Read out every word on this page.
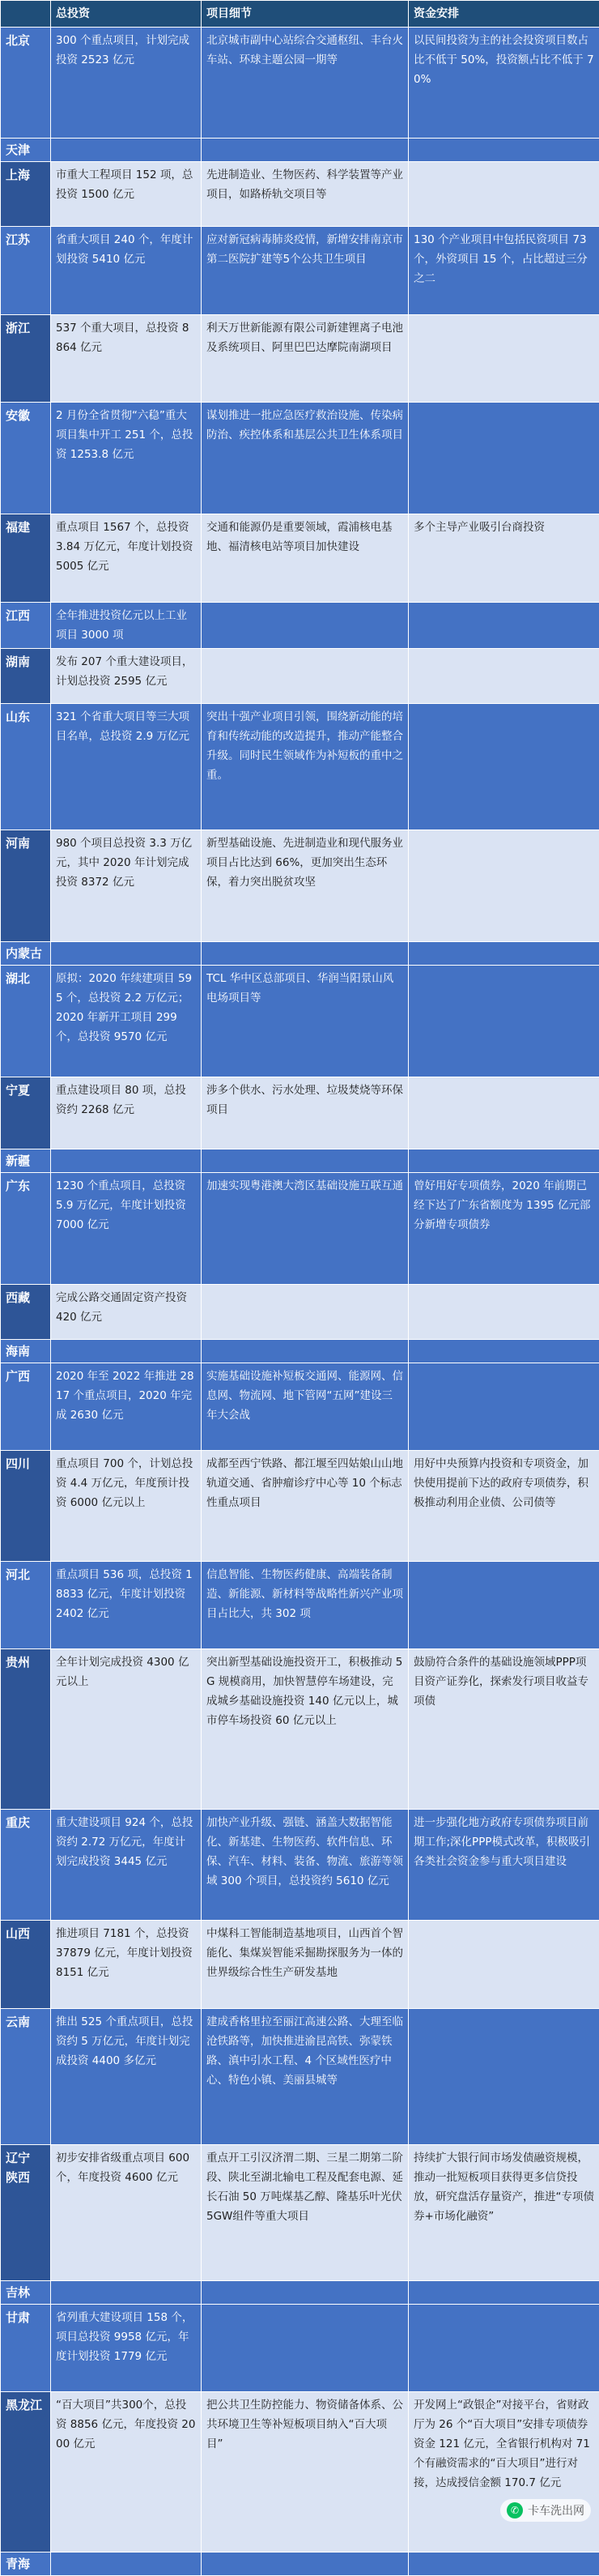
	总投资	项目细节	资金安排
北京	300 个重点项目，计划完成投资 2523 亿元	北京城市副中心站综合交通枢纽、丰台火车站、环球主题公园一期等	以民间投资为主的社会投资项目数占比不低于 50%，投资额占比不低于 70%
天津			
上海	市重大工程项目 152 项，总投资 1500 亿元	先进制造业、生物医药、科学装置等产业项目，如路桥轨交项目等	
江苏	省重大项目 240 个，年度计划投资 5410 亿元	应对新冠病毒肺炎疫情，新增安排南京市第二医院扩建等5个公共卫生项目	130 个产业项目中包括民资项目 73 个，外资项目 15 个，占比超过三分之二
浙江	537 个重大项目，总投资 8864 亿元	利天万世新能源有限公司新建锂离子电池及系统项目、阿里巴巴达摩院南湖项目	
安徽	2 月份全省贯彻“六稳”重大项目集中开工 251 个，总投资 1253.8 亿元	谋划推进一批应急医疗救治设施、传染病防治、疾控体系和基层公共卫生体系项目	
福建	重点项目 1567 个，总投资 3.84 万亿元，年度计划投资 5005 亿元	交通和能源仍是重要领域，霞浦核电基地、福清核电站等项目加快建设	多个主导产业吸引台商投资
江西	全年推进投资亿元以上工业项目 3000 项		
湖南	发布 207 个重大建设项目，计划总投资 2595 亿元		
山东	321 个省重大项目等三大项目名单，总投资 2.9 万亿元	突出十强产业项目引领，围绕新动能的培育和传统动能的改造提升，推动产能整合升级。同时民生领域作为补短板的重中之重。	
河南	980 个项目总投资 3.3 万亿元，其中 2020 年计划完成投资 8372 亿元	新型基础设施、先进制造业和现代服务业项目占比达到 66%，更加突出生态环保，着力突出脱贫攻坚	
内蒙古			
湖北	原拟：2020 年续建项目 595 个，总投资 2.2 万亿元；2020 年新开工项目 299 个，总投资 9570 亿元	TCL 华中区总部项目、华润当阳景山风电场项目等	
宁夏	重点建设项目 80 项，总投资约 2268 亿元	涉多个供水、污水处理、垃圾焚烧等环保项目	
新疆			
广东	1230 个重点项目，总投资 5.9 万亿元，年度计划投资 7000 亿元	加速实现粤港澳大湾区基础设施互联互通	曾好用好专项债券，2020 年前期已经下达了广东省额度为 1395 亿元部分新增专项债券
西藏	完成公路交通固定资产投资 420 亿元		
海南			
广西	2020 年至 2022 年推进 2817 个重点项目，2020 年完成 2630 亿元	实施基础设施补短板交通网、能源网、信息网、物流网、地下管网“五网”建设三年大会战	
四川	重点项目 700 个，计划总投资 4.4 万亿元，年度预计投资 6000 亿元以上	成都至西宁铁路、都江堰至四姑娘山山地轨道交通、省肿瘤诊疗中心等 10 个标志性重点项目	用好中央预算内投资和专项资金，加快使用提前下达的政府专项债券，积极推动利用企业债、公司债等
河北	重点项目 536 项，总投资 18833 亿元，年度计划投资 2402 亿元	信息智能、生物医药健康、高端装备制造、新能源、新材料等战略性新兴产业项目占比大，共 302 项	
贵州	全年计划完成投资 4300 亿元以上	突出新型基础设施投资开工，积极推动 5G 规模商用，加快智慧停车场建设，完成城乡基础设施投资 140 亿元以上，城市停车场投资 60 亿元以上	鼓励符合条件的基础设施领域PPP项目资产证券化，探索发行项目收益专项债
重庆	重大建设项目 924 个，总投资约 2.72 万亿元，年度计划完成投资 3445 亿元	加快产业升级、强链、涵盖大数据智能化、新基建、生物医药、软件信息、环保、汽车、材料、装备、物流、旅游等领域 300 个项目，总投资约 5610 亿元	进一步强化地方政府专项债券项目前期工作;深化PPP模式改革，积极吸引各类社会资金参与重大项目建设
山西	推进项目 7181 个，总投资 37879 亿元，年度计划投资 8151 亿元	中煤科工智能制造基地项目，山西首个智能化、集煤炭智能采掘勘探服务为一体的世界级综合性生产研发基地	
云南	推出 525 个重点项目，总投资约 5 万亿元，年度计划完成投资 4400 多亿元	建成香格里拉至丽江高速公路、大理至临沧铁路等，加快推进渝昆高铁、弥蒙铁路、滇中引水工程、4 个区域性医疗中心、特色小镇、美丽县城等	
辽宁
陕西	初步安排省级重点项目 600 个，年度投资 4600 亿元	重点开工引汉济渭二期、三星二期第二阶段、陕北至湖北输电工程及配套电源、延长石油 50 万吨煤基乙醇、隆基乐叶光伏 5GW组件等重大项目	持续扩大银行间市场发债融资规模，推动一批短板项目获得更多信贷投放，研究盘活存量资产，推进“专项债券+市场化融资”
吉林			
甘肃	省列重大建设项目 158 个，项目总投资 9958 亿元，年度计划投资 1779 亿元		
黑龙江	“百大项目”共300个，总投资 8856 亿元，年度投资 2000 亿元	把公共卫生防控能力、物资储备体系、公共环境卫生等补短板项目纳入“百大项目”	开发网上“政银企”对接平台，省财政厅为 26 个“百大项目”安排专项债券资金 121 亿元，全省银行机构对 71 个有融资需求的“百大项目”进行对接，达成授信金额 170.7 亿元
青海			
✆ 卡车洗出网
